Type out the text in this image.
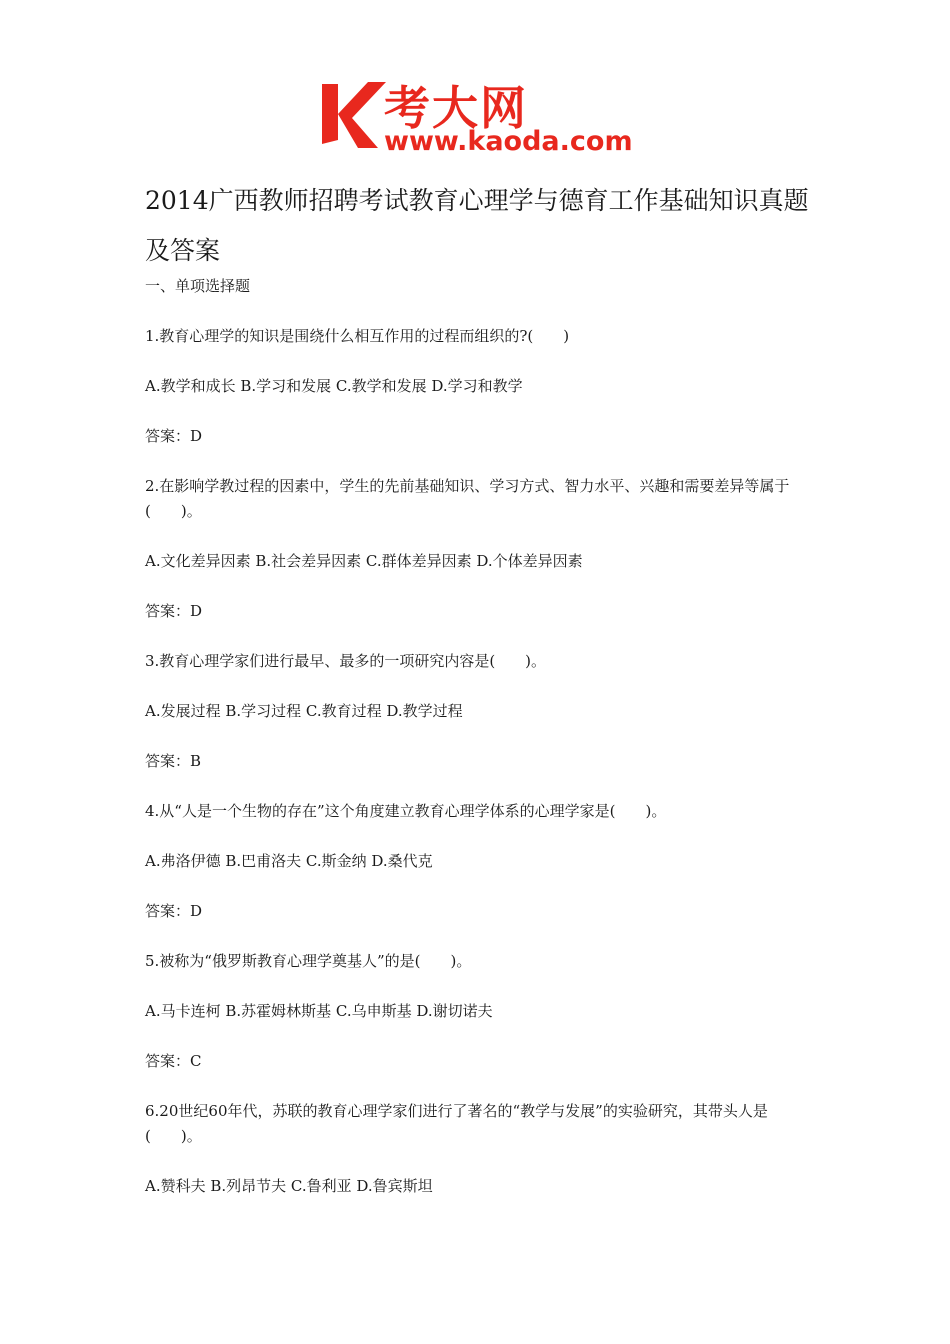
考大网
www.kaoda.com
2014广西教师招聘考试教育心理学与德育工作基础知识真题及答案
一、单项选择题
1.教育心理学的知识是围绕什么相互作用的过程而组织的?(　　)
A.教学和成长 B.学习和发展 C.教学和发展 D.学习和教学
答案：D
2.在影响学教过程的因素中，学生的先前基础知识、学习方式、智力水平、兴趣和需要差异等属于(　　)。
A.文化差异因素 B.社会差异因素 C.群体差异因素 D.个体差异因素
答案：D
3.教育心理学家们进行最早、最多的一项研究内容是(　　)。
A.发展过程 B.学习过程 C.教育过程 D.教学过程
答案：B
4.从“人是一个生物的存在”这个角度建立教育心理学体系的心理学家是(　　)。
A.弗洛伊德 B.巴甫洛夫 C.斯金纳 D.桑代克
答案：D
5.被称为“俄罗斯教育心理学奠基人”的是(　　)。
A.马卡连柯 B.苏霍姆林斯基 C.乌申斯基 D.谢切诺夫
答案：C
6.20世纪60年代，苏联的教育心理学家们进行了著名的“教学与发展”的实验研究，其带头人是(　　)。
A.赞科夫 B.列昂节夫 C.鲁利亚 D.鲁宾斯坦
